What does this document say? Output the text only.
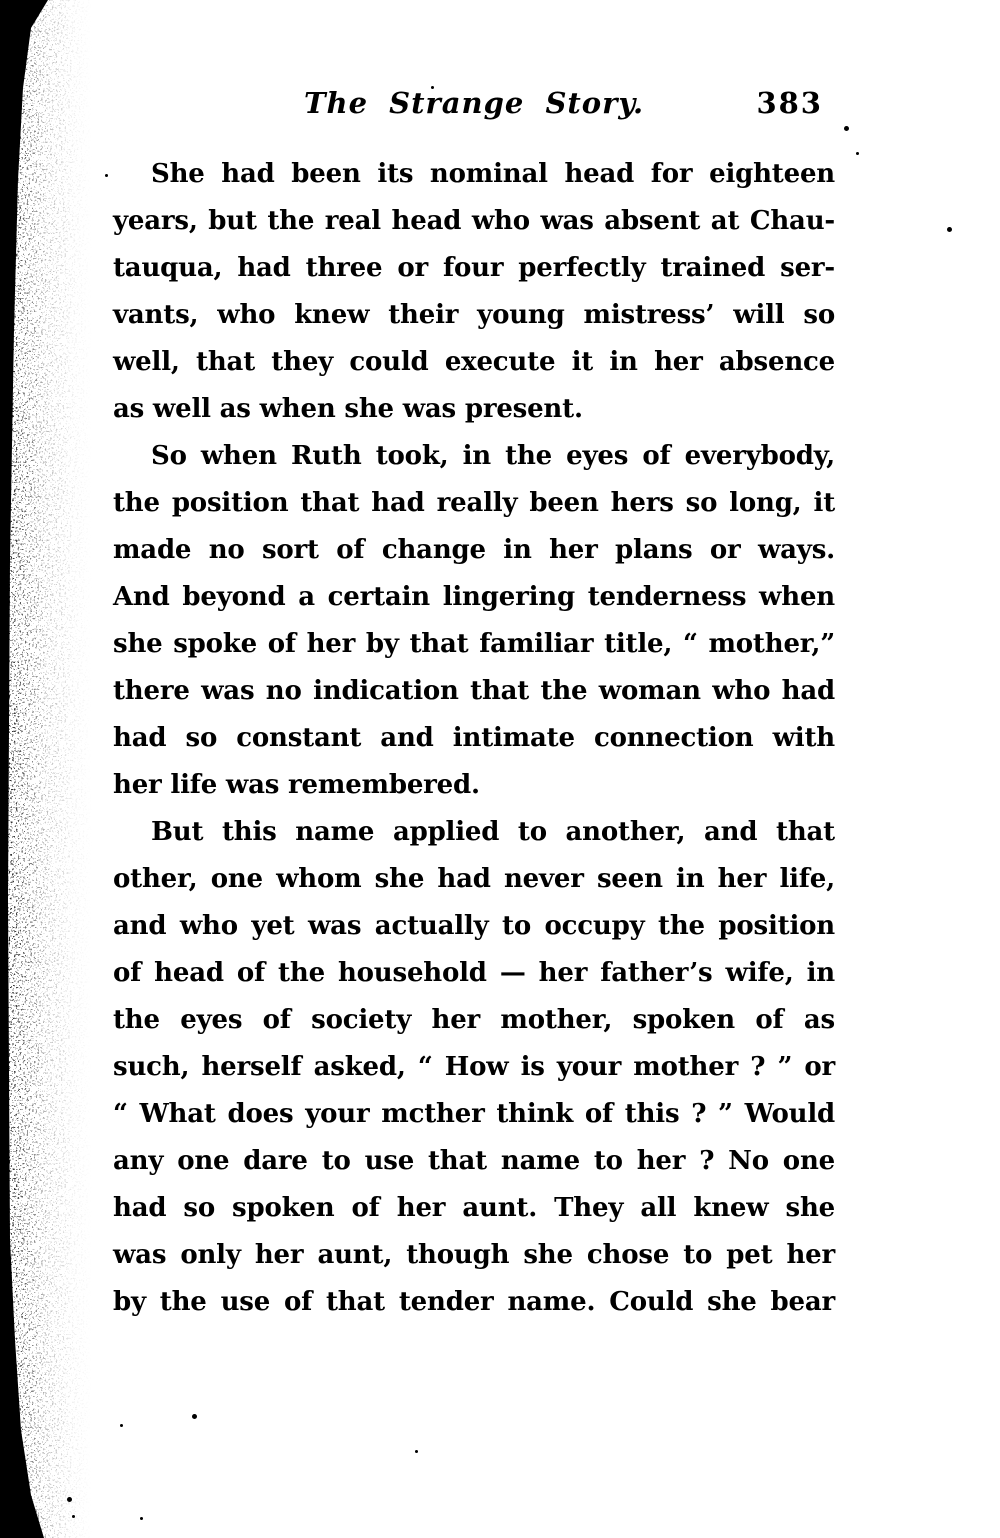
The Strange Story.	383
She had been its nominal head for eighteen
years, but the real head who was absent at Chau-
tauqua, had three or four perfectly trained ser-
vants, who knew their young mistress’ will so
well, that they could execute it in her absence
as well as when she was present.
So when Ruth took, in the eyes of everybody,
the position that had really been hers so long, it
made no sort of change in her plans or ways.
And beyond a certain lingering tenderness when
she spoke of her by that familiar title, “ mother,”
there was no indication that the woman who had
had so constant and intimate connection with
her life was remembered.
But this name applied to another, and that
other, one whom she had never seen in her life,
and who yet was actually to occupy the position
of head of the household — her father’s wife, in
the eyes of society her mother, spoken of as
such, herself asked, “ How is your mother ? ” or
“ What does your mcther think of this ? ” Would
any one dare to use that name to her ? No one
had so spoken of her aunt. They all knew she
was only her aunt, though she chose to pet her
by the use of that tender name. Could she bear
